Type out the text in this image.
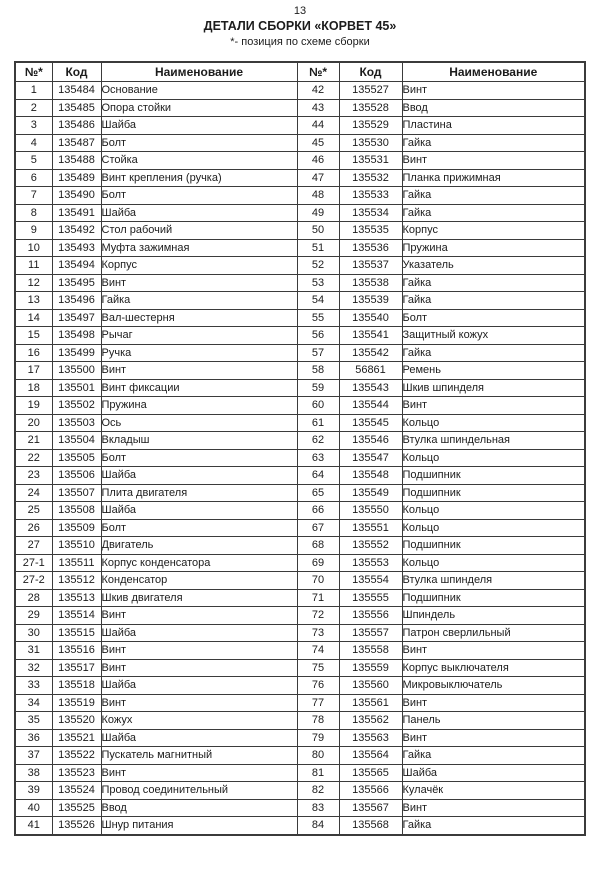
13
ДЕТАЛИ СБОРКИ «КОРВЕТ 45»
*- позиция по схеме сборки
№*	Код	Наименование	№*	Код	Наименование
1	135484	Основание	42	135527	Винт
2	135485	Опора стойки	43	135528	Ввод
3	135486	Шайба	44	135529	Пластина
4	135487	Болт	45	135530	Гайка
5	135488	Стойка	46	135531	Винт
6	135489	Винт крепления (ручка)	47	135532	Планка прижимная
7	135490	Болт	48	135533	Гайка
8	135491	Шайба	49	135534	Гайка
9	135492	Стол рабочий	50	135535	Корпус
10	135493	Муфта зажимная	51	135536	Пружина
11	135494	Корпус	52	135537	Указатель
12	135495	Винт	53	135538	Гайка
13	135496	Гайка	54	135539	Гайка
14	135497	Вал-шестерня	55	135540	Болт
15	135498	Рычаг	56	135541	Защитный кожух
16	135499	Ручка	57	135542	Гайка
17	135500	Винт	58	56861	Ремень
18	135501	Винт фиксации	59	135543	Шкив шпинделя
19	135502	Пружина	60	135544	Винт
20	135503	Ось	61	135545	Кольцо
21	135504	Вкладыш	62	135546	Втулка шпиндельная
22	135505	Болт	63	135547	Кольцо
23	135506	Шайба	64	135548	Подшипник
24	135507	Плита двигателя	65	135549	Подшипник
25	135508	Шайба	66	135550	Кольцо
26	135509	Болт	67	135551	Кольцо
27	135510	Двигатель	68	135552	Подшипник
27-1	135511	Корпус конденсатора	69	135553	Кольцо
27-2	135512	Конденсатор	70	135554	Втулка шпинделя
28	135513	Шкив двигателя	71	135555	Подшипник
29	135514	Винт	72	135556	Шпиндель
30	135515	Шайба	73	135557	Патрон сверлильный
31	135516	Винт	74	135558	Винт
32	135517	Винт	75	135559	Корпус выключателя
33	135518	Шайба	76	135560	Микровыключатель
34	135519	Винт	77	135561	Винт
35	135520	Кожух	78	135562	Панель
36	135521	Шайба	79	135563	Винт
37	135522	Пускатель магнитный	80	135564	Гайка
38	135523	Винт	81	135565	Шайба
39	135524	Провод соединительный	82	135566	Кулачёк
40	135525	Ввод	83	135567	Винт
41	135526	Шнур питания	84	135568	Гайка
